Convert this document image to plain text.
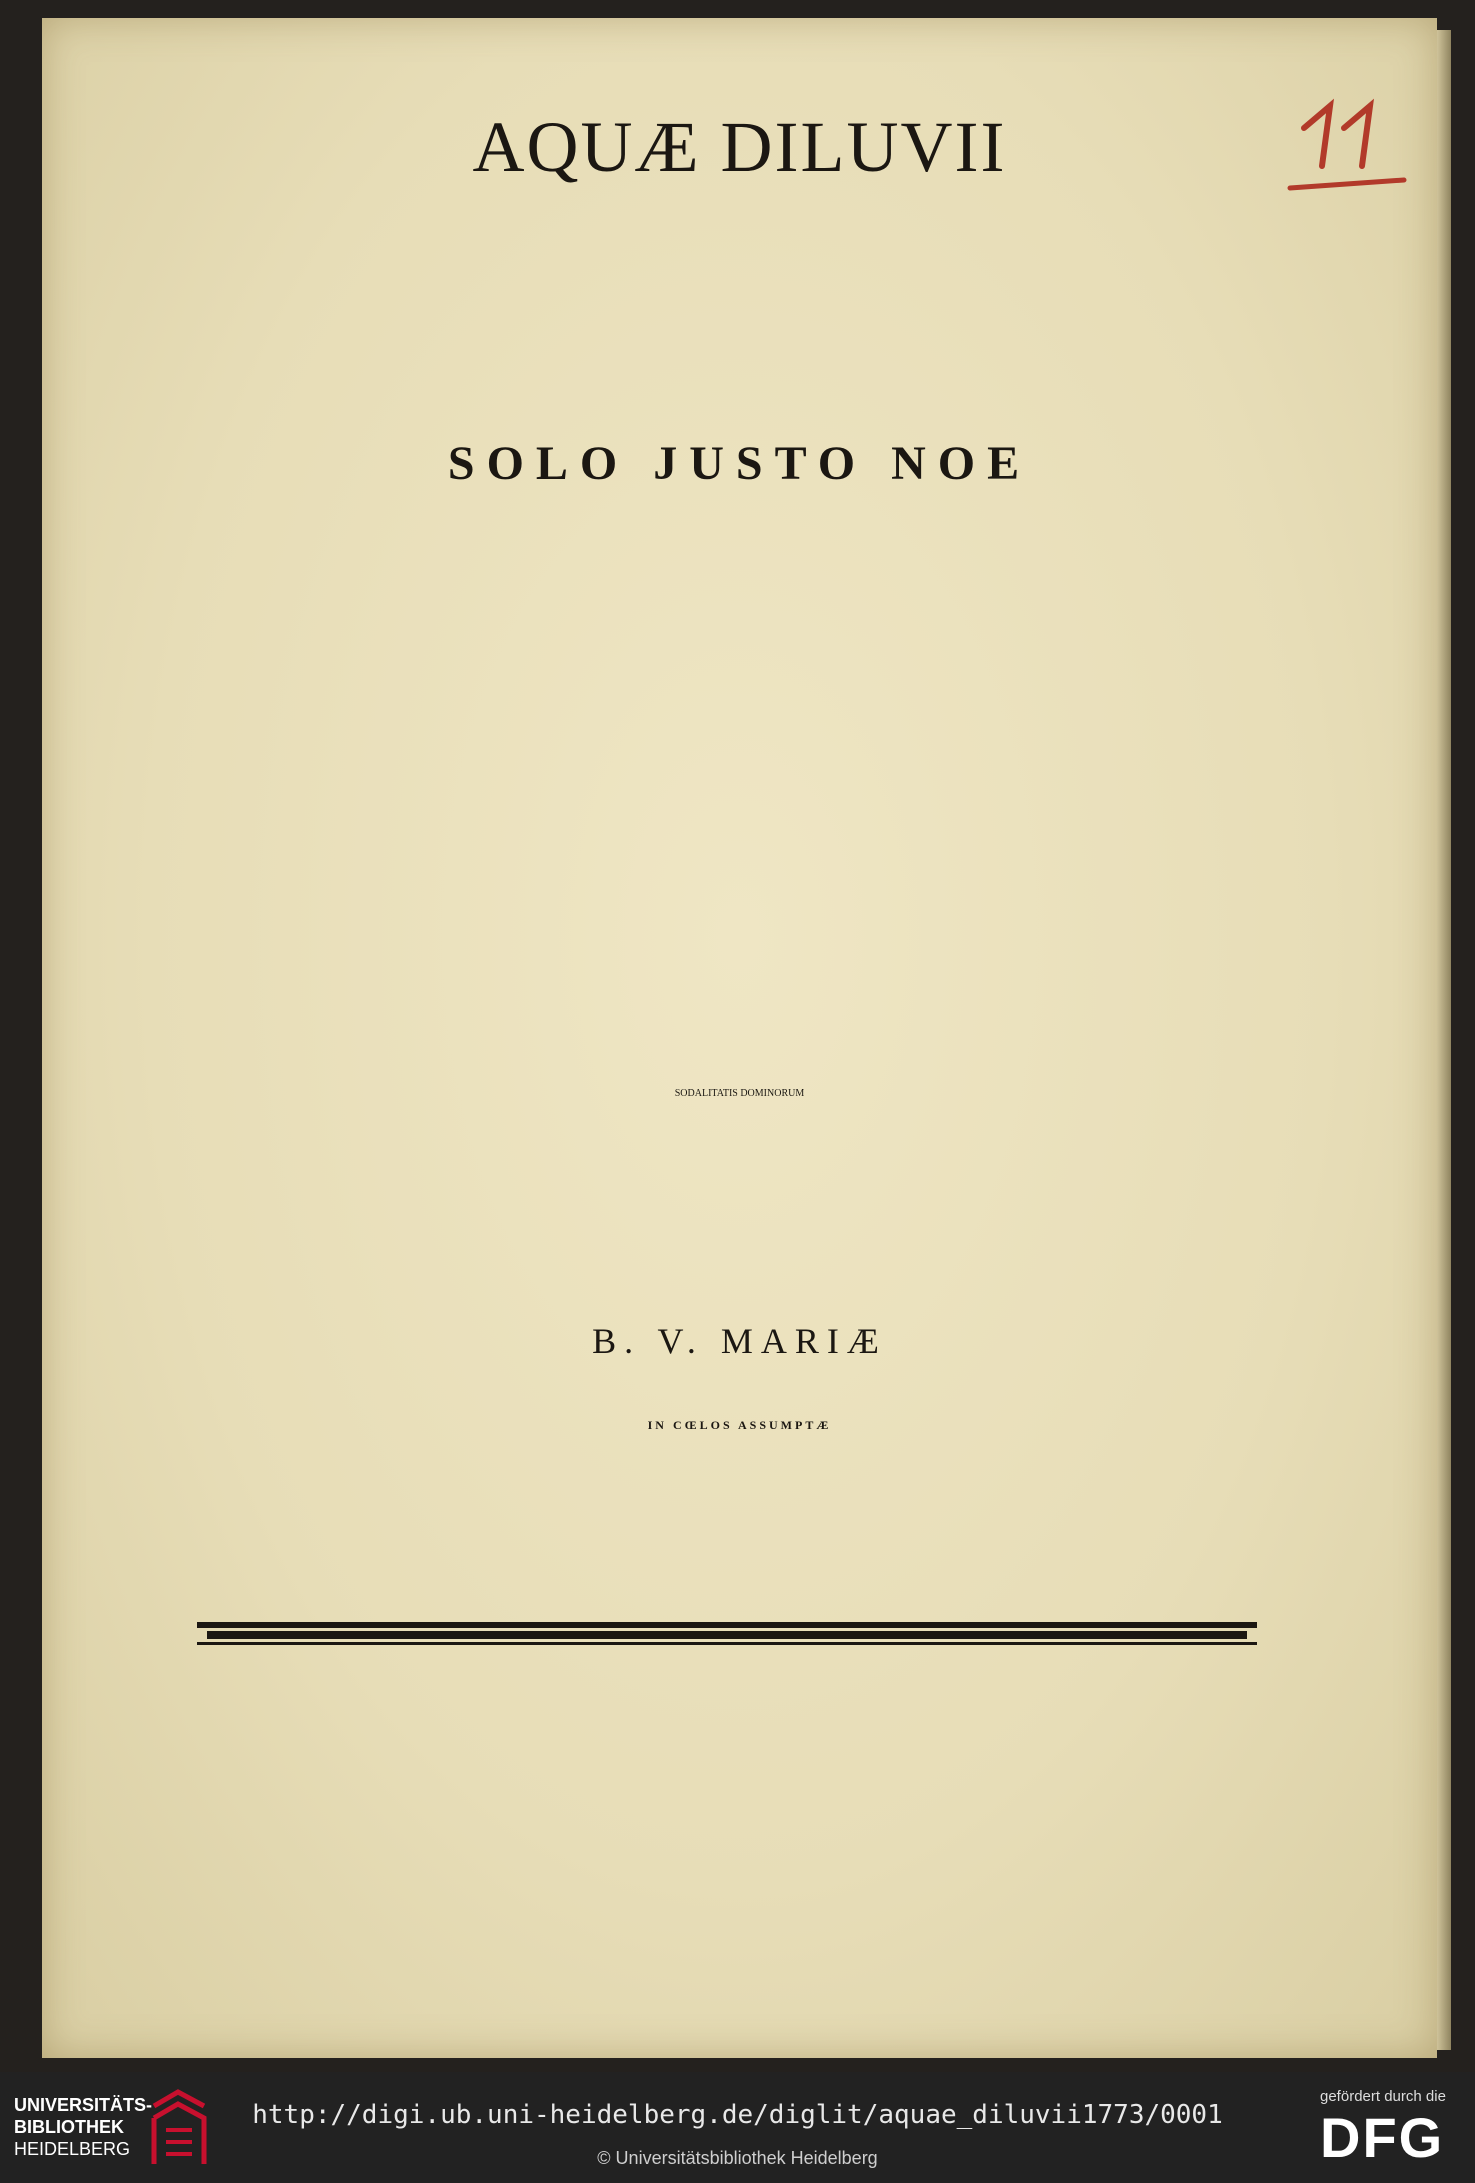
AQUÆ DILUVII

SOLO JUSTO NOE

SODALITATIS DOMINORUM

B. V. MARIÆ

IN CŒLOS ASSUMPTÆ

UNIVERSITÄTS-
BIBLIOTHEK
HEIDELBERG

http://digi.ub.uni-heidelberg.de/diglit/aquae_diluvii1773/0001

© Universitätsbibliothek Heidelberg

gefördert durch die

DFG
